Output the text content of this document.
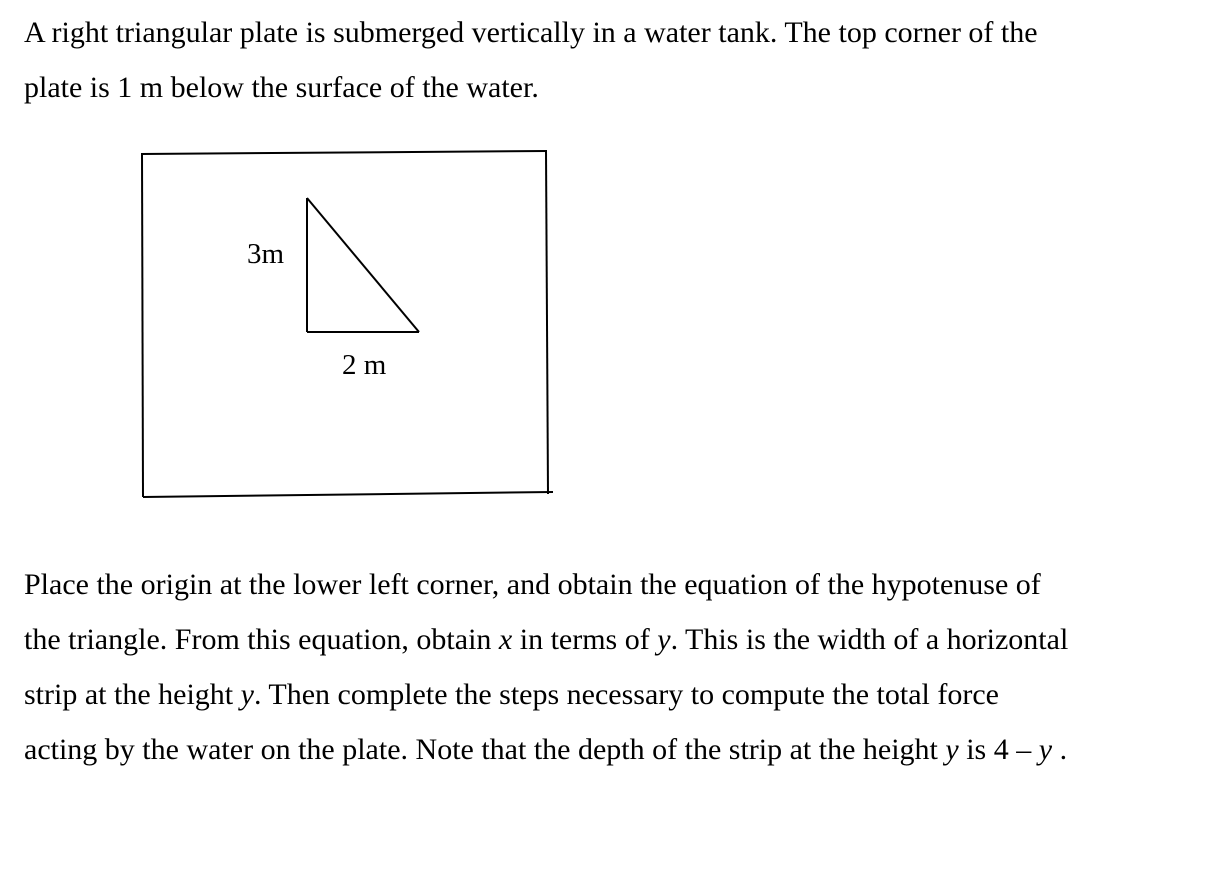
A right triangular plate is submerged vertically in a water tank. The top corner of the
plate is 1 m below the surface of the water.
3m
2 m
Place the origin at the lower left corner, and obtain the equation of the hypotenuse of
the triangle. From this equation, obtain x in terms of y. This is the width of a horizontal
strip at the height y. Then complete the steps necessary to compute the total force
acting by the water on the plate. Note that the depth of the strip at the height y is 4 – y .
